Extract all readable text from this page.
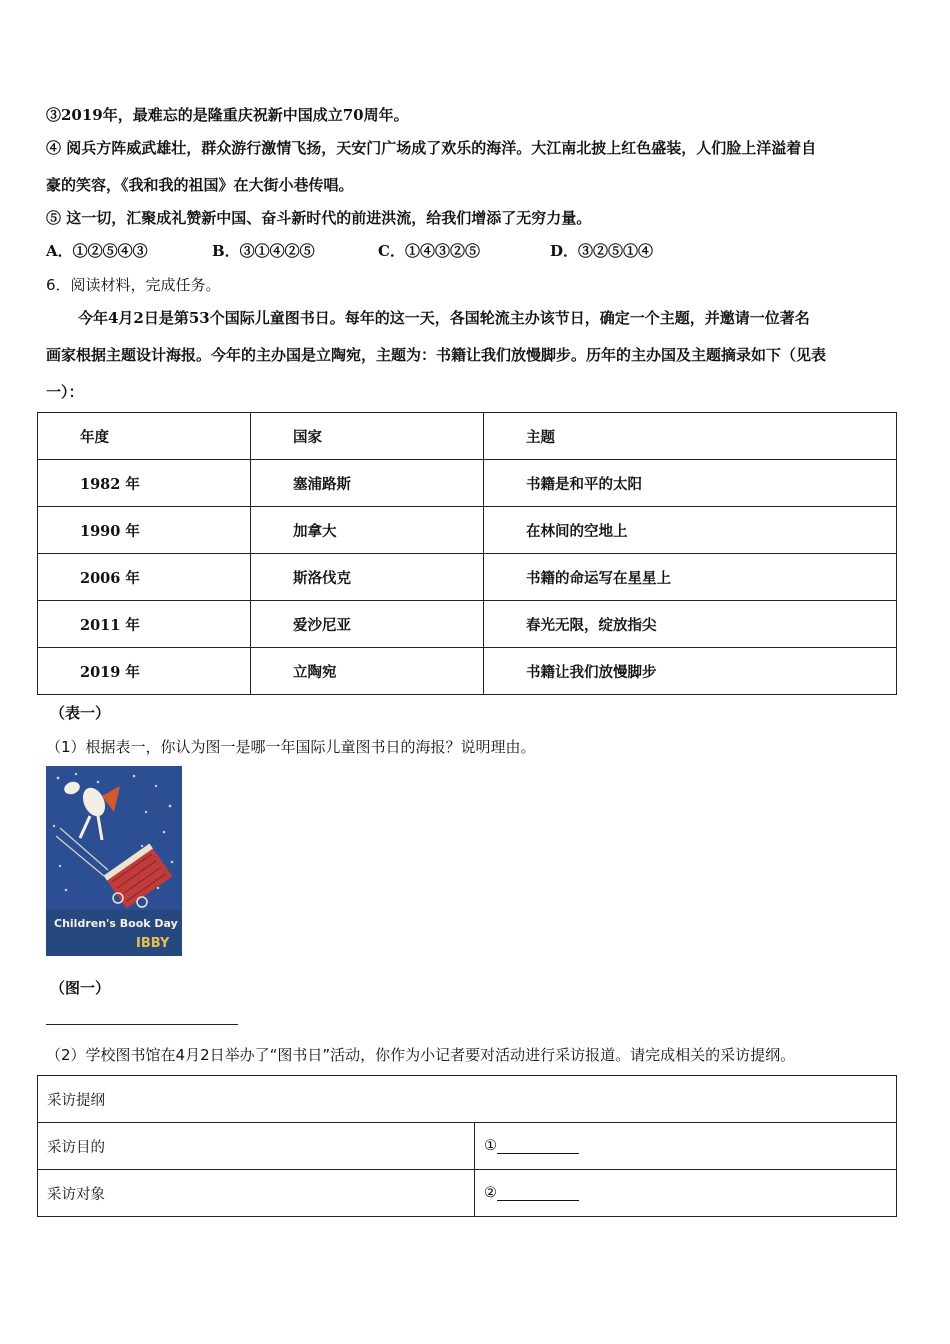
③2019年，最难忘的是隆重庆祝新中国成立70周年。
④ 阅兵方阵威武雄壮，群众游行激情飞扬，天安门广场成了欢乐的海洋。大江南北披上红色盛装，人们脸上洋溢着自
豪的笑容，《我和我的祖国》在大街小巷传唱。
⑤ 这一切，汇聚成礼赞新中国、奋斗新时代的前进洪流，给我们增添了无穷力量。
A．①②⑤④③	B．③①④②⑤	C．①④③②⑤	D．③②⑤①④
6．阅读材料，完成任务。
今年4月2日是第53个国际儿童图书日。每年的这一天，各国轮流主办该节日，确定一个主题，并邀请一位著名
画家根据主题设计海报。今年的主办国是立陶宛，主题为：书籍让我们放慢脚步。历年的主办国及主题摘录如下（见表
一）：
年度	国家	主题
1982 年	塞浦路斯	书籍是和平的太阳
1990 年	加拿大	在林间的空地上
2006 年	斯洛伐克	书籍的命运写在星星上
2011 年	爱沙尼亚	春光无限，绽放指尖
2019 年	立陶宛	书籍让我们放慢脚步
（表一）
（1）根据表一，你认为图一是哪一年国际儿童图书日的海报？说明理由。
Children's Book Day
IBBY
（图一）
（2）学校图书馆在4月2日举办了“图书日”活动，你作为小记者要对活动进行采访报道。请完成相关的采访提纲。
采访提纲	
采访目的	①
采访对象	②
